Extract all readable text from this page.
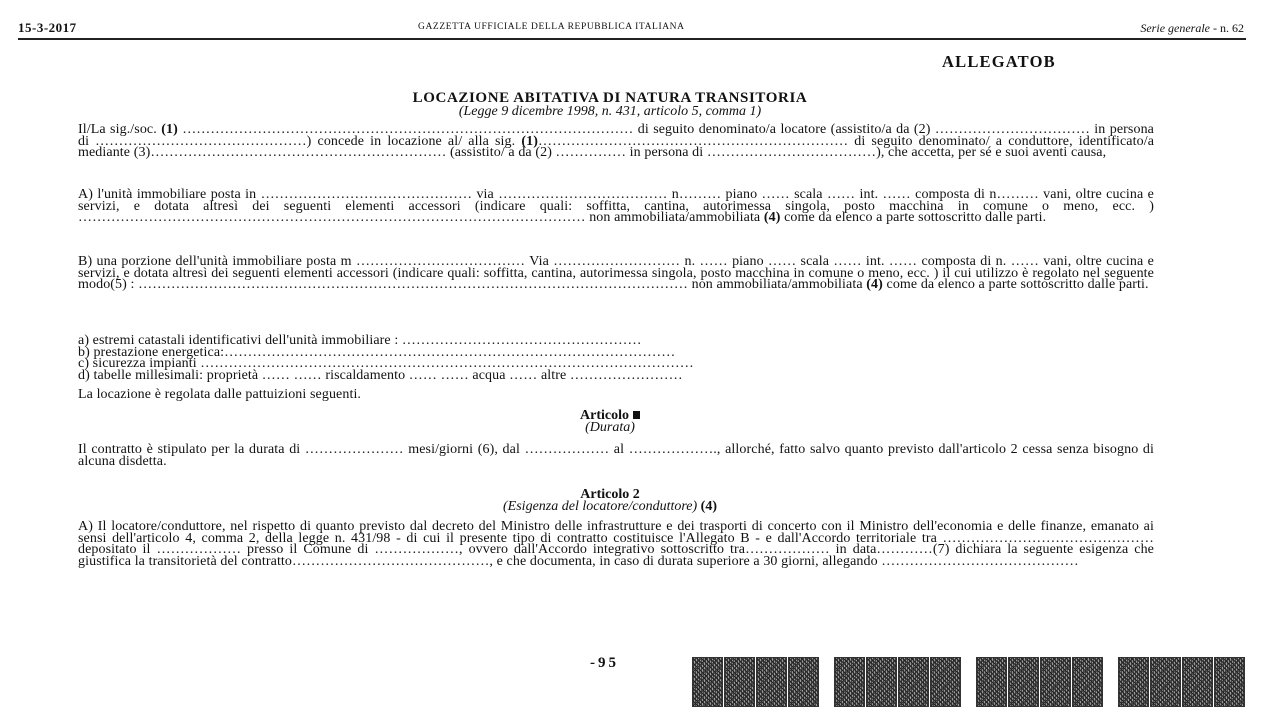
15-3-2017	GAZZETTA UFFICIALE DELLA REPUBBLICA ITALIANA	Serie generale - n. 62
ALLEGATOB
LOCAZIONE ABITATIVA DI NATURA TRANSITORIA
(Legge 9 dicembre 1998, n. 431, articolo 5, comma 1)

Il/La sig./soc. (1) …………………………………………………………………………………… di seguito denominato/a locatore (assistito/a da (2) …………………………… in persona di ………………………………………) concede in locazione al/ alla sig. (1)………………………………………………………… di seguito denominato/ a conduttore, identificato/a mediante (3)……………………………………………………… (assistito/ a da (2) …………… in persona di ………………………………), che accetta, per sé e suoi aventi causa,

A) l'unità immobiliare posta in ……………………………………… via ……………………………… n……… piano …… scala …… int. …… composta di n……… vani, oltre cucina e servizi, e dotata altresì dei seguenti elementi accessori (indicare quali: soffitta, cantina, autorimessa singola, posto macchina in comune o meno, ecc. ) ……………………………………………………………………………………………… non ammobiliata/ammobiliata (4) come da elenco a parte sottoscritto dalle parti.

B) una porzione dell'unità immobiliare posta m ……………………………… Via ……………………… n. …… piano …… scala …… int. …… composta di n. …… vani, oltre cucina e servizi, e dotata altresì dei seguenti elementi accessori (indicare quali: soffitta, cantina, autorimessa singola, posto macchina in comune o meno, ecc. ) il cui utilizzo è regolato nel seguente modo(5) : ……………………………………………………………………………………………………… non ammobiliata/ammobiliata (4) come da elenco a parte sottoscritto dalle parti.

a) estremi catastali identificativi dell'unità immobiliare : ……………………………………………
b) prestazione energetica:……………………………………………………………………………………
c) sicurezza impianti ……………………………………………………………………………………………
d) tabelle millesimali: proprietà …… …… riscaldamento …… …… acqua …… altre ……………………

La locazione è regolata dalle pattuizioni seguenti.

Articolo
(Durata)

Il contratto è stipulato per la durata di ………………… mesi/giorni (6), dal ……………… al ………………., allorché, fatto salvo quanto previsto dall'articolo 2 cessa senza bisogno di alcuna disdetta.

Articolo 2
(Esigenza del locatore/conduttore) (4)

A) Il locatore/conduttore, nel rispetto di quanto previsto dal decreto del Ministro delle infrastrutture e dei trasporti di concerto con il Ministro dell'economia e delle finanze, emanato ai sensi dell'articolo 4, comma 2, della legge n. 431/98 - di cui il presente tipo di contratto costituisce l'Allegato B - e dall'Accordo territoriale tra ……………………………………… depositato il ……………… presso il Comune di ………………, ovvero dall'Accordo integrativo sottoscritto tra……………… in data…………(7) dichiara la seguente esigenza che giustifica la transitorietà del contratto……………………………………, e che documenta, in caso di durata superiore a 30 giorni, allegando ……………………………………

-95
